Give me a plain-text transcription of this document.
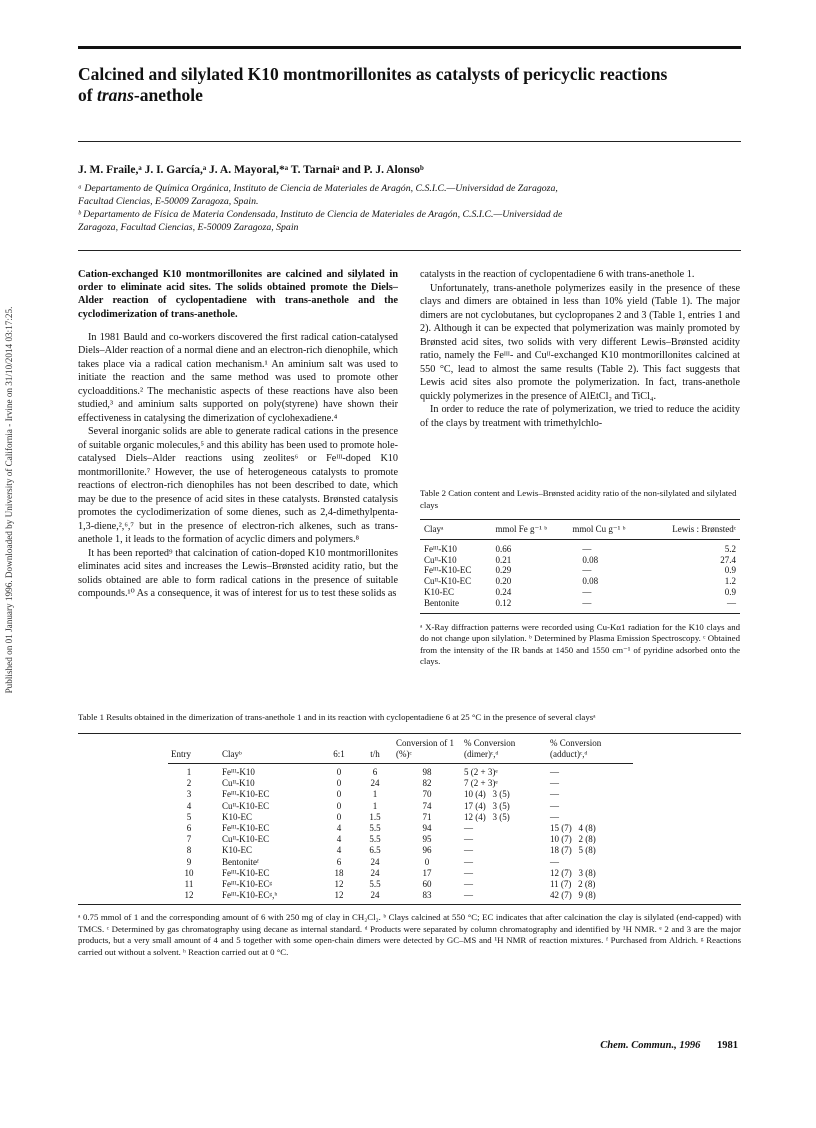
Calcined and silylated K10 montmorillonites as catalysts of pericyclic reactions
of trans-anethole
J. M. Fraile,ᵃ J. I. García,ᵃ J. A. Mayoral,*ᵃ T. Tarnaiᵃ and P. J. Alonsoᵇ
ᵃ Departamento de Química Orgánica, Instituto de Ciencia de Materiales de Aragón, C.S.I.C.—Universidad de Zaragoza,
Facultad Ciencias, E-50009 Zaragoza, Spain.
ᵇ Departamento de Física de Materia Condensada, Instituto de Ciencia de Materiales de Aragón, C.S.I.C.—Universidad de
Zaragoza, Facultad Ciencias, E-50009 Zaragoza, Spain
Published on 01 January 1996. Downloaded by University of California - Irvine on 31/10/2014 03:17:25.

Cation-exchanged K10 montmorillonites are calcined and silylated in order to eliminate acid sites. The solids obtained promote the Diels–Alder reaction of cyclopentadiene with trans-anethole and the cyclodimerization of trans-anethole.

In 1981 Bauld and co-workers discovered the first radical cation-catalysed Diels–Alder reaction of a normal diene and an electron-rich dienophile, which takes place via a radical cation mechanism.¹ An aminium salt was used to initiate the reaction and the same method was used to promote other cycloadditions.² The mechanistic aspects of these reactions have also been studied,³ and aminium salts supported on poly(styrene) have shown their effectiveness in catalysing the dimerization of cyclohexadiene.⁴

Several inorganic solids are able to generate radical cations in the presence of suitable organic molecules,⁵ and this ability has been used to promote hole-catalysed Diels–Alder reactions using zeolites⁶ or Feᴵᴵᴵ-doped K10 montmorillonite.⁷ However, the use of heterogeneous catalysts to promote reactions of electron-rich dienophiles has not been described to date, which may be due to the presence of acid sites in these catalysts. Brønsted catalysis promotes the cyclodimerization of some dienes, such as 2,4-dimethylpenta-1,3-diene,²,⁶,⁷ but in the presence of electron-rich alkenes, such as trans-anethole 1, it leads to the formation of acyclic dimers and polymers.⁸

It has been reported⁹ that calcination of cation-doped K10 montmorillonites eliminates acid sites and increases the Lewis–Brønsted acidity ratio, but the solids obtained are able to form radical cations in the presence of suitable compounds.¹⁰ As a consequence, it was of interest for us to test these solids as

catalysts in the reaction of cyclopentadiene 6 with trans-anethole 1.

Unfortunately, trans-anethole polymerizes easily in the presence of these clays and dimers are obtained in less than 10% yield (Table 1). The major dimers are not cyclobutanes, but cyclopropanes 2 and 3 (Table 1, entries 1 and 2). Although it can be expected that polymerization was mainly promoted by Brønsted acid sites, two solids with very different Lewis–Brønsted acidity ratio, namely the Feᴵᴵᴵ- and Cuᴵᴵ-exchanged K10 montmorillonites calcined at 550 °C, lead to almost the same results (Table 2). This fact suggests that Lewis acid sites also promote the polymerization. In fact, trans-anethole quickly polymerizes in the presence of AlEtCl₂ and TiCl₄.

In order to reduce the rate of polymerization, we tried to reduce the acidity of the clays by treatment with trimethylchlo-

Table 2 Cation content and Lewis–Brønsted acidity ratio of the non-silylated and silylated clays
Clayᵃ	mmol Fe g⁻¹ ᵇ	mmol Cu g⁻¹ ᵇ	Lewis : Brønstedᶜ

Feᴵᴵᴵ-K10	0.66	—	5.2
Cuᴵᴵ-K10	0.21	0.08	27.4
Feᴵᴵᴵ-K10-EC	0.29	—	0.9
Cuᴵᴵ-K10-EC	0.20	0.08	1.2
K10-EC	0.24	—	0.9
Bentonite	0.12	—	—
ᵃ X-Ray diffraction patterns were recorded using Cu-Kα1 radiation for the K10 clays and do not change upon silylation. ᵇ Determined by Plasma Emission Spectroscopy. ᶜ Obtained from the intensity of the IR bands at 1450 and 1550 cm⁻¹ of pyridine adsorbed onto the clays.
Table 1 Results obtained in the dimerization of trans-anethole 1 and in its reaction with cyclopentadiene 6 at 25 °C in the presence of several claysᵃ
Entry	Clayᵇ	6:1	t/h	Conversion of 1 (%)ᶜ	% Conversion (dimer)ᶜ,ᵈ	% Conversion (adduct)ᶜ,ᵈ

1	Feᴵᴵᴵ-K10	0	6	98	5 (2 + 3)ᵉ	—
2	Cuᴵᴵ-K10	0	24	82	7 (2 + 3)ᵉ	—
3	Feᴵᴵᴵ-K10-EC	0	1	70	10 (4)   3 (5)	—
4	Cuᴵᴵ-K10-EC	0	1	74	17 (4)   3 (5)	—
5	K10-EC	0	1.5	71	12 (4)   3 (5)	—
6	Feᴵᴵᴵ-K10-EC	4	5.5	94	—	15 (7)   4 (8)
7	Cuᴵᴵ-K10-EC	4	5.5	95	—	10 (7)   2 (8)
8	K10-EC	4	6.5	96	—	18 (7)   5 (8)
9	Bentoniteᶠ	6	24	0	—	—
10	Feᴵᴵᴵ-K10-EC	18	24	17	—	12 (7)   3 (8)
11	Feᴵᴵᴵ-K10-ECᵍ	12	5.5	60	—	11 (7)   2 (8)
12	Feᴵᴵᴵ-K10-ECᵍ,ʰ	12	24	83	—	42 (7)   9 (8)
ᵃ 0.75 mmol of 1 and the corresponding amount of 6 with 250 mg of clay in CH₂Cl₂. ᵇ Clays calcined at 550 °C; EC indicates that after calcination the clay is silylated (end-capped) with TMCS. ᶜ Determined by gas chromatography using decane as internal standard. ᵈ Products were separated by column chromatography and identified by ¹H NMR. ᵉ 2 and 3 are the major products, but a very small amount of 4 and 5 together with some open-chain dimers were detected by GC–MS and ¹H NMR of reaction mixtures. ᶠ Purchased from Aldrich. ᵍ Reactions carried out without a solvent. ʰ Reaction carried out at 0 °C.
Chem. Commun., 1996 1981
